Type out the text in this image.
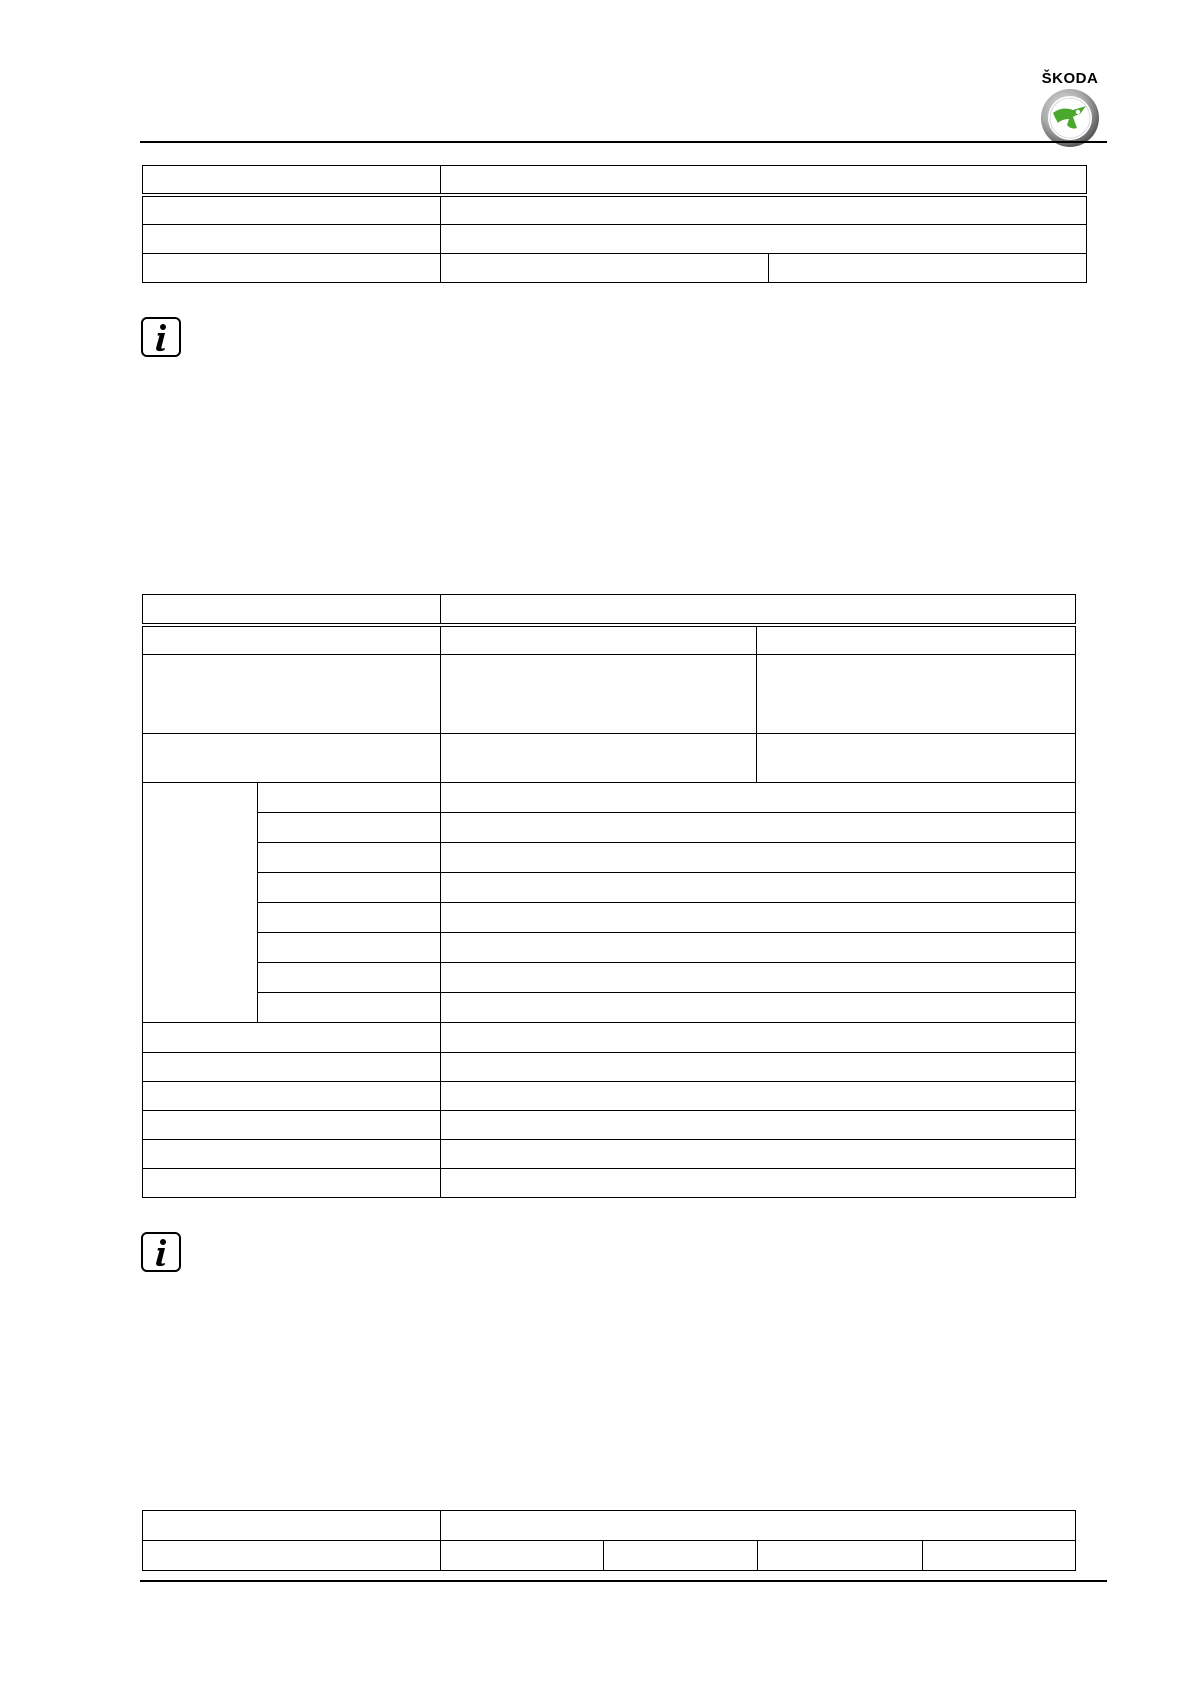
ŠKODA
